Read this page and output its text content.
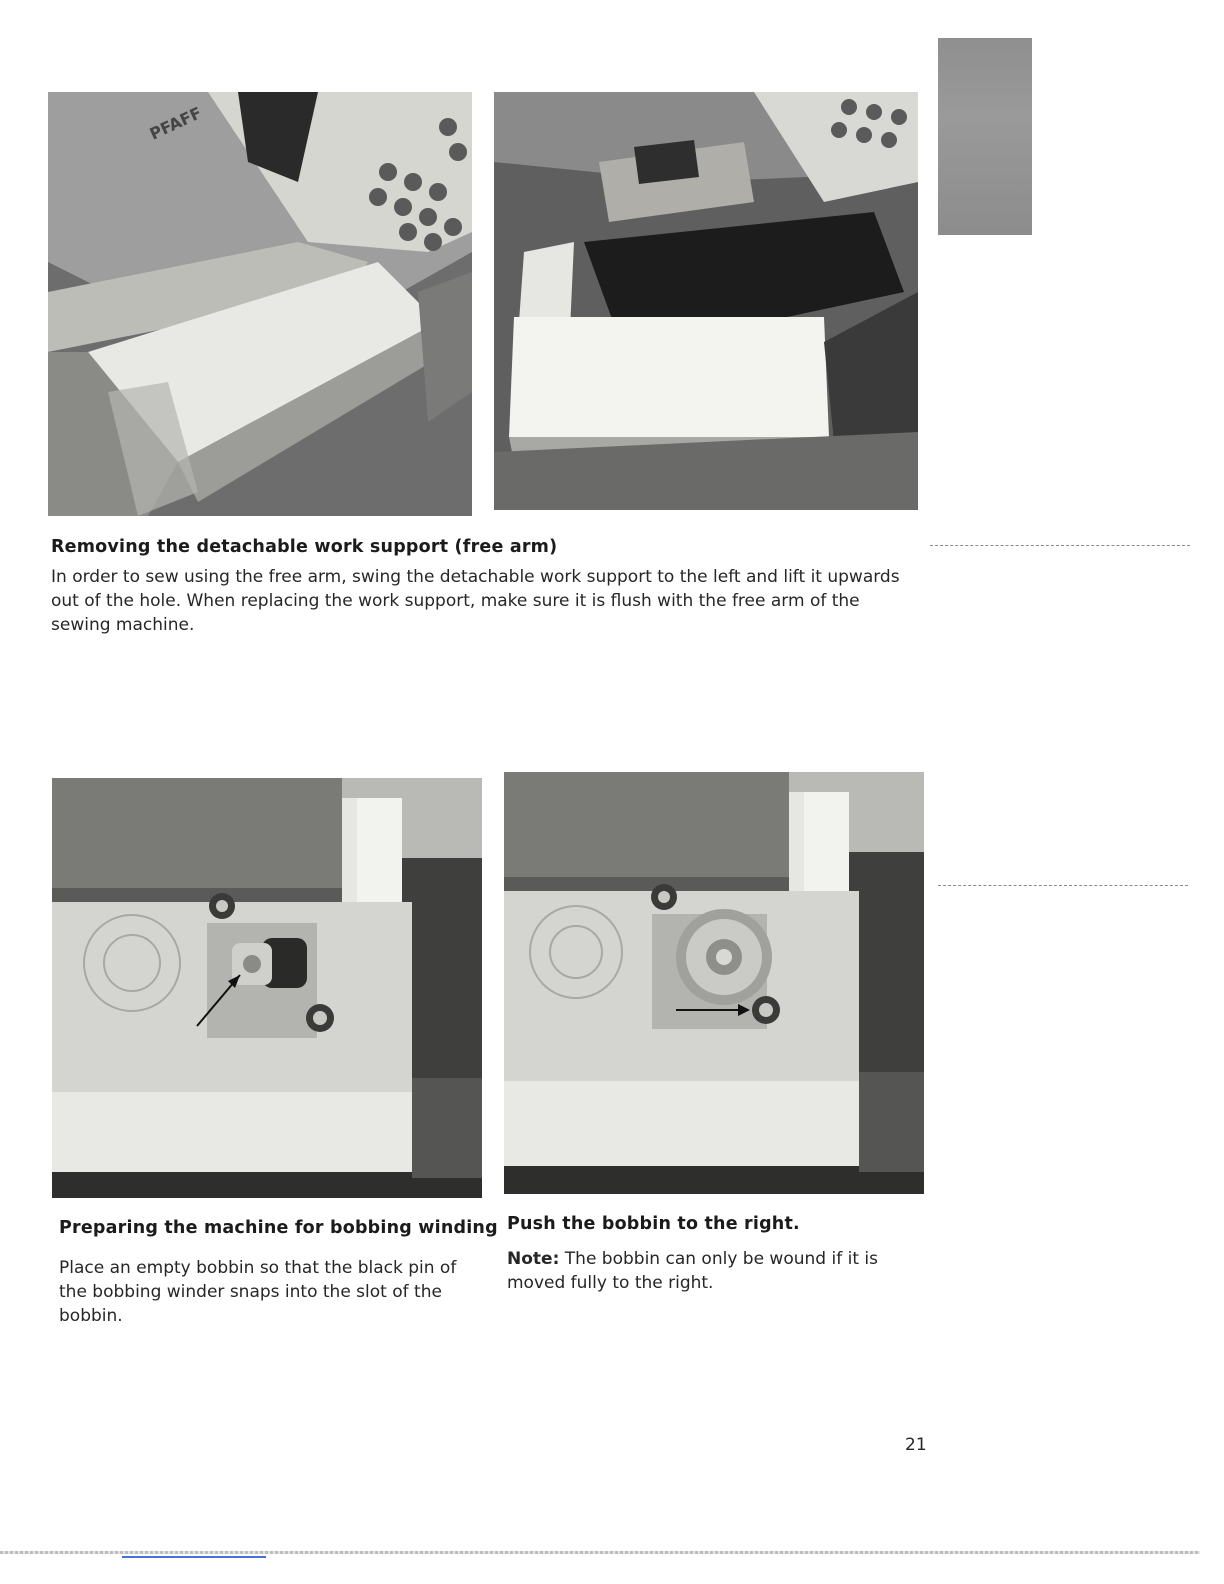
PFAFF
Removing the detachable work support (free arm)

In order to sew using the free arm, swing the detachable work support to the left and lift it upwards out of the hole. When replacing the work support, make sure it is flush with the free arm of the sewing machine.

Preparing the machine for bobbing winding

Place an empty bobbin so that the black pin of the bobbing winder snaps into the slot of the bobbin.

Push the bobbin to the right.

Note: The bobbin can only be wound if it is moved fully to the right.

21
